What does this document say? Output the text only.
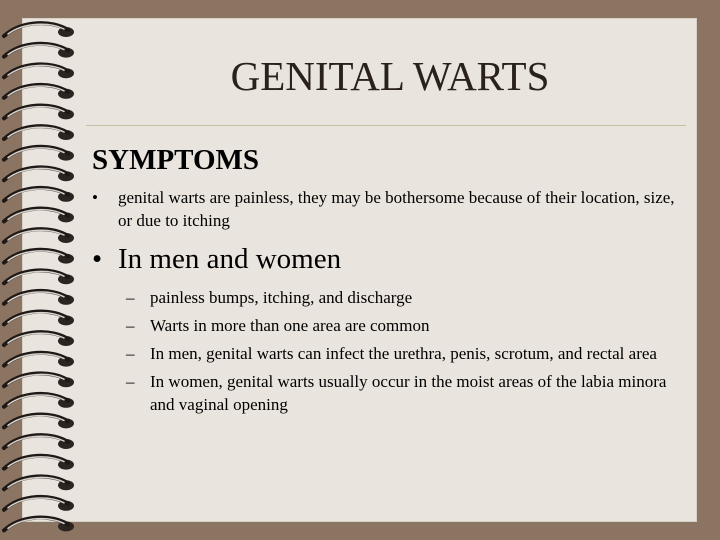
GENITAL WARTS
SYMPTOMS
•	genital warts are painless, they may be bothersome because of their location, size, or due to itching
• In men and women
– painless bumps, itching, and discharge
– Warts in more than one area are common
– In men, genital warts can infect the urethra, penis, scrotum, and rectal area
– In women, genital warts usually occur in the moist areas of the labia minora and vaginal opening
